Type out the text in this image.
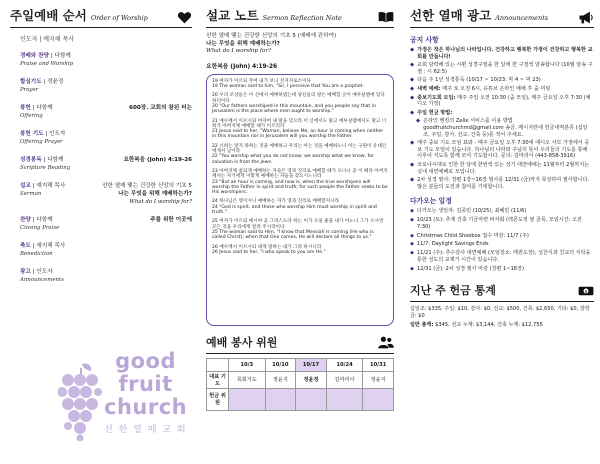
주일예배 순서 Order of Worship
인도자 | 예지해 목사
경배와 찬양 | 다함께
Praise and Worship
합심기도 | 정윤정
Prayer
봉헌 | 다함께
Offering
600장. 교회의 참된 터는
봉헌 기도 | 인도자
Offering Prayer
성경봉독 | 다함께
Scripture Reading
요한복음 (John) 4:19-26
설교 | 예지해 목사
Sermon
선한 열매 맺는 건강한 신앙의 기초 5
나는 무엇을 위해 예배하는가?
What do I worship for?
찬양 | 다함께
Closing Praise
주를 위한 이곳에
축도 | 예지해 목사
Benediction
광고 | 인도자
Announcements
good
fruit
church
선 한 열 매 교 회
설교 노트 Sermon Reflection Note
선한 열매 맺는 건강한 신앙의 기초 5 (예배에 관하여)
나는 무엇을 위해 예배하는가?
What do I worship for?
요한복음 (John) 4:19-26
19 여자가 이르되 주여 내가 보니 선지자로소이다
19 The woman said to him, "Sir, I perceive that You are a prophet.
20 우리 조상들은 이 산에서 예배하였는데 당신들의 말은 예배할 곳이 예루살렘에 있다 하더이다
20 "Our fathers worshiped in this mountain, and you people say that in Jerusalem is the place where men ought to worship."
21 예수께서 이르시되 여자여 내 말을 믿으라 이 산에서도 말고 예루살렘에서도 말고 너희가 아버지께 예배할 때가 이르리라
21 Jesus said to her, "Woman, believe Me, an hour is coming when neither in this mountain nor in Jerusalem will you worship the Father.
22 너희는 알지 못하는 것을 예배하고 우리는 아는 것을 예배하노니 이는 구원이 유대인에게서 남이라
22 "You worship what you do not know; we worship what we know, for salvation is from the Jews.
23 아버지께 참되게 예배하는 자들은 영과 진리로 예배할 때가 오나니 곧 이 때라 아버지께서는 자기에게 이렇게 예배하는 자들을 찾으시느니라
23 "But an hour is coming, and now is, when the true worshipers will worship the Father in spirit and truth; for such people the Father seeks to be His worshipers.
24 하나님은 영이시니 예배하는 자가 영과 진리로 예배할지니라
24 "God is spirit, and those who worship Him must worship in spirit and truth."
25 여자가 이르되 메시야 곧 그리스도라 하는 이가 오실 줄을 내가 아노니 그가 오시면 모든 것을 우리에게 알려 주시리이다
25 The woman said to Him, "I know that Messiah is coming (He who is called Christ); when that One comes, He will declare all things to us."
26 예수께서 이르시되 네게 말하는 내가 그라 하시니라
26 Jesus said to her, "I who speak to you am He."
예배 봉사 위원
	10/3	10/10	10/17	10/24	10/31
대표 기도	목회기도	정윤지	정윤정	김마리아	정윤지
헌금 위원					
선한 열매 광고 Announcements
공지 사항
◆ 가정은 작은 하나님의 나라입니다. 건강하고 행복한 가정이 건강하고 행복한 교회를 만듭니다!
◆ 교회 담력해 있는 시편 성경구절을 한 달에 한 구절씩 암송합니다 (10월 암송 구절 : 시 62:5)
◆ 다음 주 1년 성경통독 (10/17 ~ 10/23: 막 4 ~ 막 23)
◆ 새벽 예배: 매주 토 오전 6시, 유튜브 온라인 예배 후 줌 미팅
◆ 중보기도회 모임: 매주 주일 오전 10:30 (줌 모임), 매주 금요일 오후 7:30 (예디오 가정)
◆ 주일 헌금 방법:
◆ 온라인 뱅킹의 Zelle 서비스를 이용 방법 goodfruitchurchmd@gmail.com 송금. 메시지란에 헌금내역분류 (십일조, 주일, 감사, 선교, 건축 등)를 적어 주세요.
◆ 매주 중보 기도 모임 표와 - 매주 금요일 오후 7:30에 에디오 사모 가정에서 중보 기도 모임이 있습니다. 하나님의 나라와 주님의 뜻이 우리들의 기도를 통해 이루어 지도록 함께 모여 기도합시다. 문의: 김마리아 (443-858-3916)
◆ 코로나시대로 인한 한 달에 한번씩 있는 성기 대면예배는 11월부터 2월까지는 실내 대면예배로 모입니다.
◆ 2차 성경 필사: 장편 1장~16장 필사를 12/31 (금)까지 목상하여 필사합니다. 많은 분들의 도전과 참여를 기대합니다.
다가오는 일정
◆ 다가오는 생일자: 김종민 (10/25), 최혜민 (11/6)
◆ 10/23 (토): 추계 건축 기금마련 바자회 (레몬도정 옆 골목, 모임시간: 오전 7:30)
◆ Christmas Child Shoebox 접수 마감: 11/7 (주)
◆ 11/7: Daylight Savings Ends
◆ 11/21 (주): 추수감사 대면예배 (모임장소: 태권도장), 성찬식과 친교의 식탁을 통한 성도의 교제가 시간이 있습니다.
◆ 12/31 (금): 2차 성경 필사 마감 (장편 1~16장)
지난 주 헌금 통계	$
십일조: $335, 주일: $10, 감사: $0, 선교: $500, 건축: $2,650, 기타: $0, 장학금: $0
일반 총액: $345, 선교 누계: $3,144, 건축 누계: $12,755
